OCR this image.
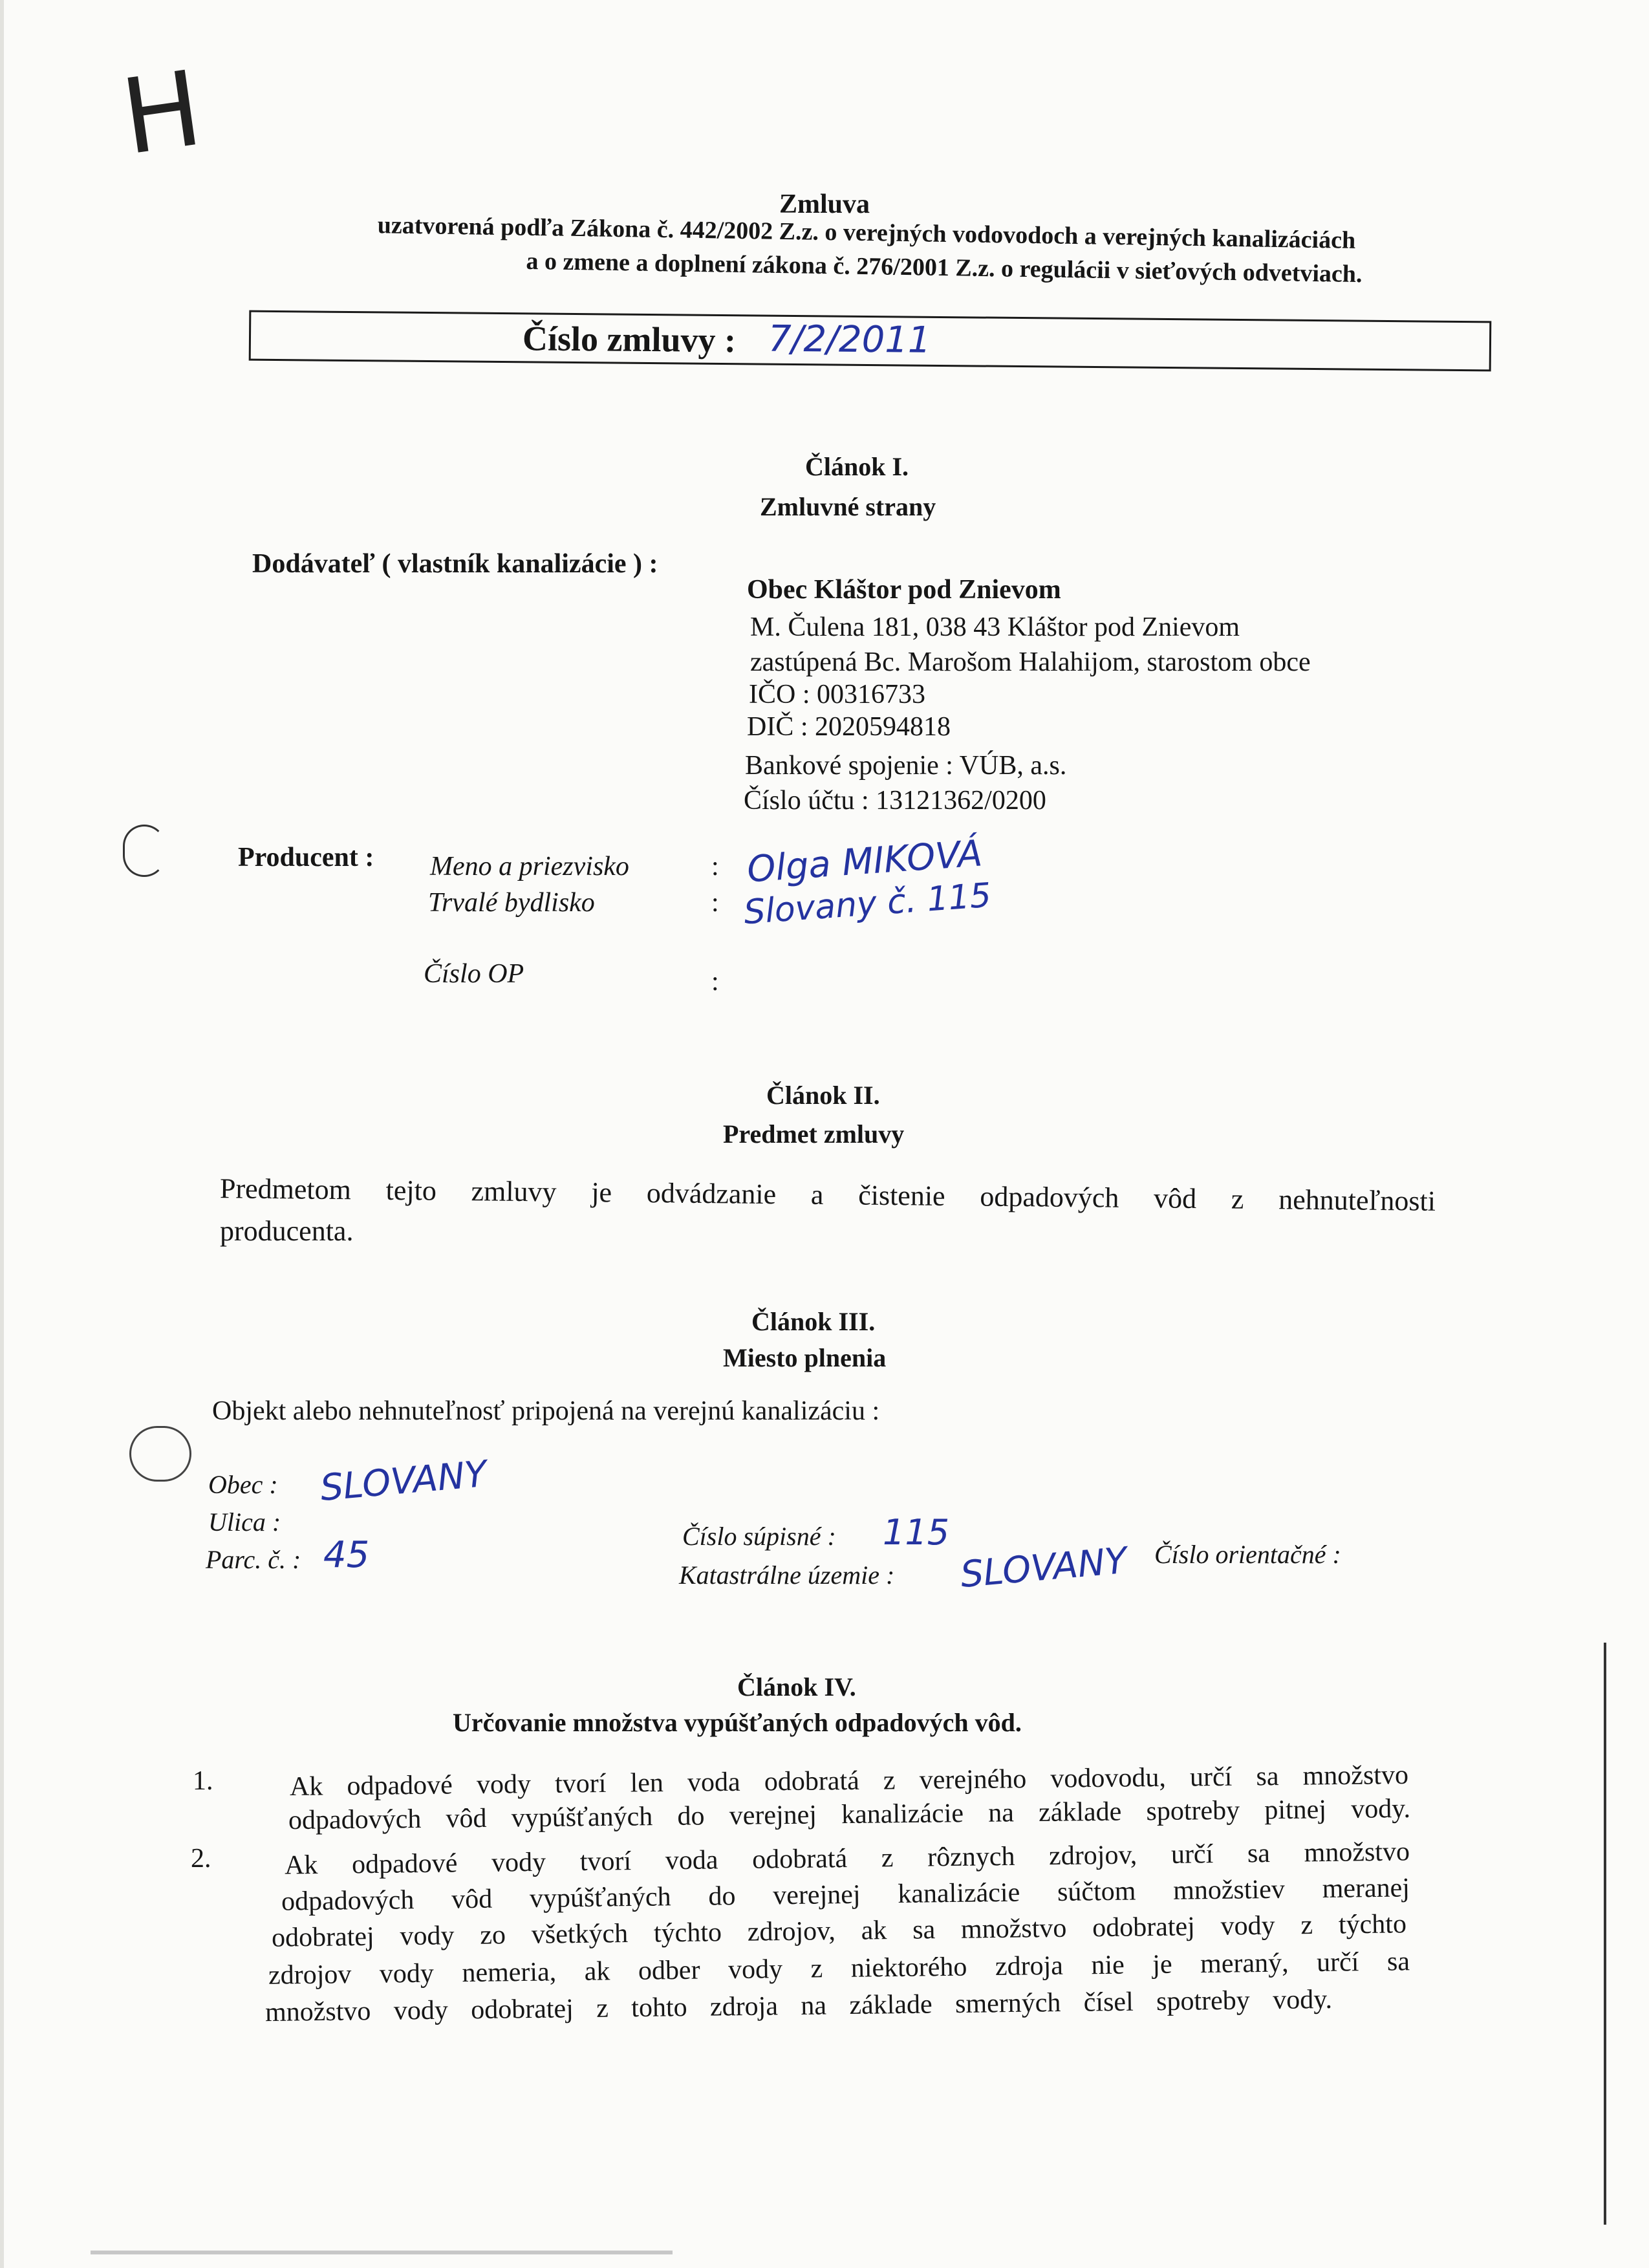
H
Zmluva
uzatvorená podľa Zákona č. 442/2002 Z.z. o verejných vodovodoch a verejných kanalizáciách
a o zmene a doplnení zákona č. 276/2001 Z.z. o regulácii v sieťových odvetviach.
Číslo zmluvy : 7/2/2011
Článok I.
Zmluvné strany
Dodávateľ ( vlastník kanalizácie ) :
Obec Kláštor pod Znievom
M. Čulena 181, 038 43 Kláštor pod Znievom
zastúpená Bc. Marošom Halahijom, starostom obce
IČO : 00316733
DIČ : 2020594818
Bankové spojenie : VÚB, a.s.
Číslo účtu : 13121362/0200
Producent : Meno a priezvisko	: Olga MIKOVÁ
Trvalé bydlisko	: Slovany č. 115
Číslo OP	:
Článok II.
Predmet zmluvy
Predmetom tejto zmluvy je odvádzanie a čistenie odpadových vôd z nehnuteľnosti
producenta.
Článok III.
Miesto plnenia
Objekt alebo nehnuteľnosť pripojená na verejnú kanalizáciu :
Obec : SLOVANY
Ulica :	Číslo súpisné : 115
Číslo orientačné :
Parc. č. : 45	Katastrálne územie : SLOVANY
Článok IV.
Určovanie množstva vypúšťaných odpadových vôd.
1.	Ak odpadové vody tvorí len voda odobratá z verejného vodovodu, určí sa množstvo
odpadových vôd vypúšťaných do verejnej kanalizácie na základe spotreby pitnej vody.
2.	Ak odpadové vody tvorí voda odobratá z rôznych zdrojov, určí sa množstvo
odpadových vôd vypúšťaných do verejnej kanalizácie súčtom množstiev meranej
odobratej vody zo všetkých týchto zdrojov, ak sa množstvo odobratej vody z týchto
zdrojov vody nemeria, ak odber vody z niektorého zdroja nie je meraný, určí sa
množstvo vody odobratej z tohto zdroja na základe smerných čísel spotreby vody.
